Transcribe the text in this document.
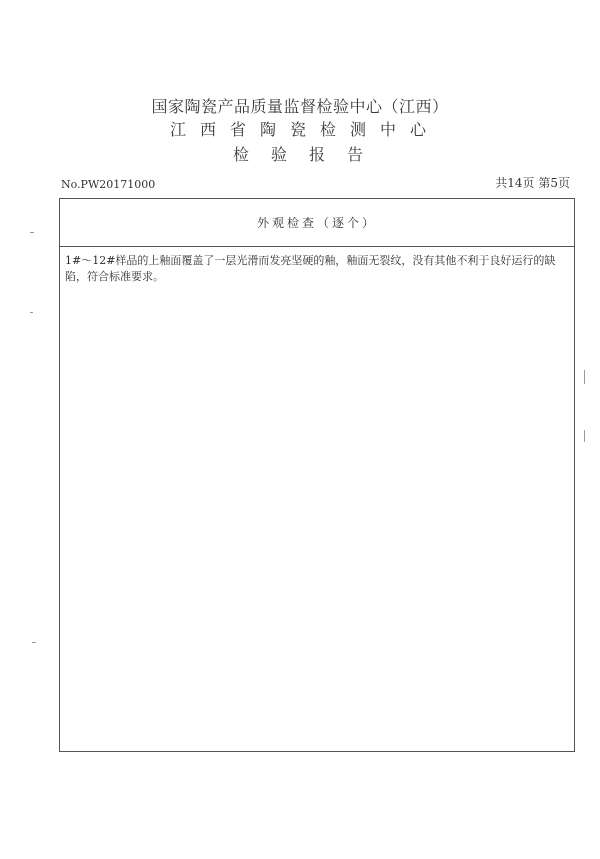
国家陶瓷产品质量监督检验中心（江西）
江西省陶瓷检测中心
检验报告
No.PW20171000	共14页 第5页
外观检查（逐个）
1#～12#样品的上釉面覆盖了一层光滑而发亮坚硬的釉，釉面无裂纹，没有其他不利于良好运行的缺陷，符合标准要求。
